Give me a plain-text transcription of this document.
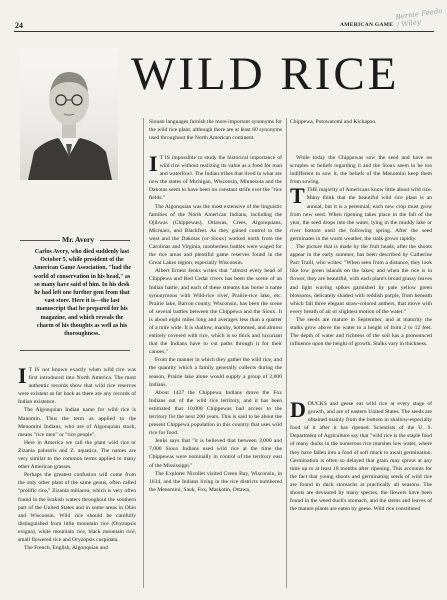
24	AMERICAN GAME
Bernie Feedo / Wiley
WILD RICE
Mr. Avery
Carlos Avery, who died suddenly last October 5, while president of the American Game Association, "had the world of conservation in his head," as so many have said of him. In his desk he had left one further gem from that vast store. Here it is—the last manuscript that he prepared for his magazine, and which reveals the charm of his thoughts as well as his thoroughness.

I T IS not known exactly when wild rice was first introduced into North America. The most authentic records show that wild rice reserves were existent as far back as there are any records of Indian existence.

The Algonquian Indian name for wild rice is Manomin. Thus the term as applied to the Menomini Indians, who are of Algonquian stock, means "rice men" or "rice people".

Here in America we call the plant wild rice or Zizania palustris and Z. aquatica. The names are very similar to the common terms applied to many other American grasses.

Perhaps the greatest confusion will come from the only other plant of the same genus, often called "prolific rice," Zizania miliacea, which is very often found in the brakish waters throughout the southern part of the United States and in some areas in Ohio and Wisconsin. Wild rice should be carefully distinguished from little mountain rice (Oryzopsis exigua), white mountain rice, black mountain rice, small flowered rice and Oryzopsis cuspidata.

The French, English, Algonquian and

Siouan languages furnish the more important synonyms for the wild rice plant, although there are at least 60 synonyms used throughout the North American continent.

Chippewa, Potowatomi and Kickapoo.

I T IS impossible to study the historical importance of wild rice without realizing its value as a food for man and waterfowl. The Indian tribes that lived in what are now the states of Michigan, Wisconsin, Minnesota and the Dakotas seem to have been on constant strife over the "rice fields."

The Algonquian was the most extensive of the linguistic families of the North American Indians, including the Ojibwas (Chippewas), Ottawas, Crees, Algonquians, Micmacs, and Blackfeet. As they gained control to the west and the Dakotas (or Sioux) worked north from the Carolinas and Virginia, numberless battles were waged for the rice areas and plentiful game reserves found in the Great Lakes region, especially Wisconsin.

Albert Ernest Jenks writes that "almost every head of Chippewa and Red Cedar rivers has been the scene of an Indian battle, and each of these streams has borne a name synonymous with Wild-rice river, Prairie-rice lake, etc. Prairie lake, Barron county, Wisconsin, has been the scene of several battles between the Chippewa and the Sioux. It is about eight miles long and averages less than a quarter of a mile wide. It is shallow, marshy, bottomed, and almost entirely covered with rice, which is so thick and luxuriant that the Indians have to cut paths through it for their canoes."

From the manner in which they gather the wild rice, and the quantity which a family generally collects during the season, Prairie lake alone would supply a group of 2,000 Indians.

About 1427 the Chippewa Indians drove the Fox Indians out of the wild rice territory, and it has been estimated that 10,000 Chippewas had access to the territory for the next 200 years. This is said to be about the present Chippewa population in this country that uses wild rice for food.

Jenks says that "it is believed that between 3,000 and 7,000 Sioux Indians used wild rice at the time the Chippewas were nominally in control of the territory east of the Mississippi."

The Explorer Nicollet visited Green Bay, Wisconsin, in 1634, and the Indians living in the rice districts numbered the Menomini, Sauk, Fox, Maskotin, Ottawa,

While today the Chippewas sow the seed and have no scruples or beliefs regarding it and the Sioux seem to be too indifferent to sow it, the beliefs of the Menomini keep them from sowing.

TTHE majority of Americans know little about wild rice. Many think that the beautiful wild rice plant is an annual, but it is a perennial; each new crop must grow from new seed. When ripening takes place in the fall of the year, the seed drops into the water, lying in the muddy lake or river bottom until the following spring. After the seed germinates in the warm weather, the stalk grows rapidly.

The picture that is made by the fruit heads, after the shoots appear in the early summer, has been described by Catherine Parr Traill, who writes: "When seen from a distance, they look like low green islands on the lakes; and when the rice is in flower, they are beautiful, with each plant's broad grassy leaves and light waving spikes garnished by pale yellow green blossoms, delicately shaded with reddish purple, from beneath which fall three elegant straw-colored anthers, that move with every breath of air or slightest motion of the water."

The seeds are mature in September, and at maturity the stalks grow above the water to a height of from 2 to 12 feet. The depth of water and richness of the soil has a pronounced influence upon the height of growth. Stalks vary in thickness.

DDUCKS and geese eat wild rice at every stage of growth, and are of eastern United States. The seeds are obtained mainly from the bottom in shallow-especially food of it after it has ripened. Scientists of the U. S. Department of Agriculture say that "wild rice is the staple food of many ducks in the numerous rice marshes low water, where they have fallen into a food of soft muck to await germination. Germination is often so delayed that grain may sprout at any time up to at least 18 months after ripening. This accounts for the fact that young shoots and germinating seeds of wild rice are found in duck stomachs at practically all seasons. The shoots are devoured by many species, the flowers have been found in the weed duck's stomach, and the stems and leaves of the mature plants are eaten by geese. Wild rice constituted
